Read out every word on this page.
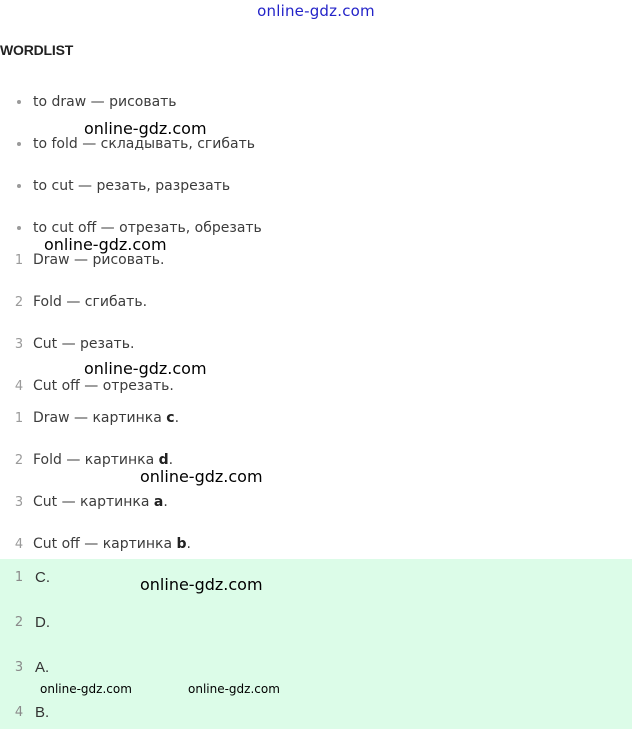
online-gdz.com
WORDLIST
to draw — рисовать
to fold — складывать, сгибать
to cut — резать, разрезать
to cut off — отрезать, обрезать
1 Draw — рисовать.
2 Fold — сгибать.
3 Cut — резать.
4 Cut off — отрезать.
1 Draw — картинка c.
2 Fold — картинка d.
3 Cut — картинка a.
4 Cut off — картинка b.
1 C.
2 D.
3 A.
4 B.
online-gdz.com
online-gdz.com
online-gdz.com
online-gdz.com
online-gdz.com
online-gdz.com	online-gdz.com
